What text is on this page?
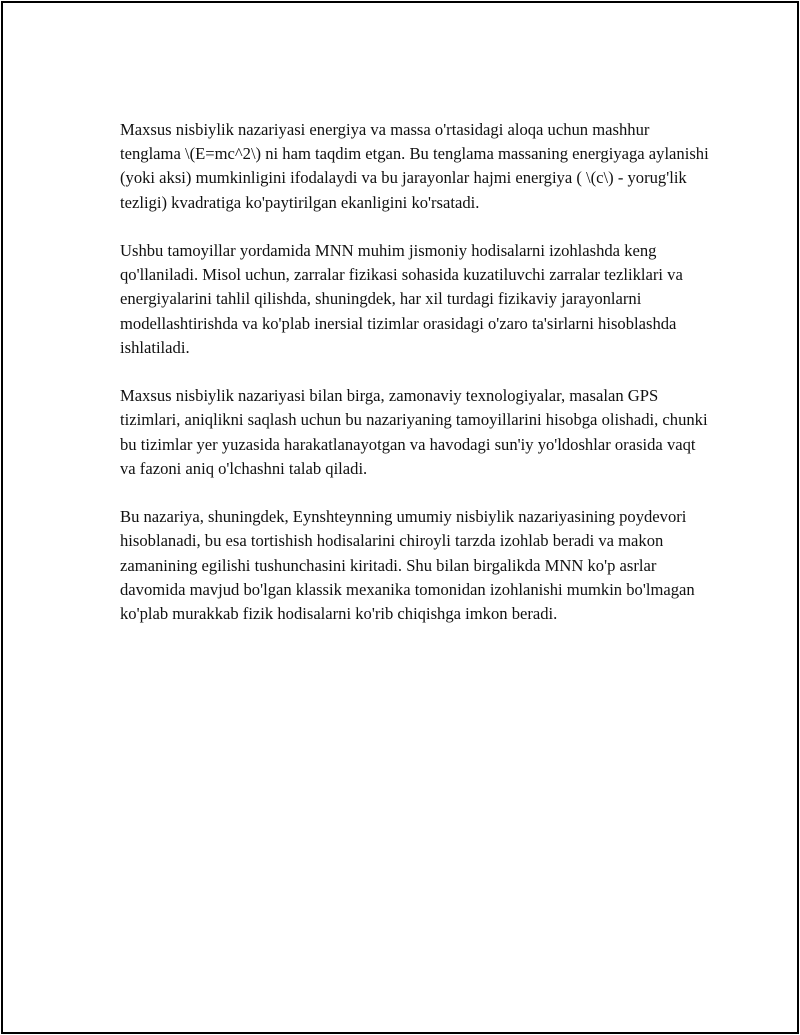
Maxsus nisbiylik nazariyasi energiya va massa o'rtasidagi aloqa uchun mashhur tenglama \(E=mc^2\) ni ham taqdim etgan. Bu tenglama massaning energiyaga aylanishi (yoki aksi) mumkinligini ifodalaydi va bu jarayonlar hajmi energiya ( \(c\) - yorug'lik tezligi) kvadratiga ko'paytirilgan ekanligini ko'rsatadi.

Ushbu tamoyillar yordamida MNN muhim jismoniy hodisalarni izohlashda keng qo'llaniladi. Misol uchun, zarralar fizikasi sohasida kuzatiluvchi zarralar tezliklari va energiyalarini tahlil qilishda, shuningdek, har xil turdagi fizikaviy jarayonlarni modellashtirishda va ko'plab inersial tizimlar orasidagi o'zaro ta'sirlarni hisoblashda ishlatiladi.

Maxsus nisbiylik nazariyasi bilan birga, zamonaviy texnologiyalar, masalan GPS tizimlari, aniqlikni saqlash uchun bu nazariyaning tamoyillarini hisobga olishadi, chunki bu tizimlar yer yuzasida harakatlanayotgan va havodagi sun'iy yo'ldoshlar orasida vaqt va fazoni aniq o'lchashni talab qiladi.

Bu nazariya, shuningdek, Eynshteynning umumiy nisbiylik nazariyasining poydevori hisoblanadi, bu esa tortishish hodisalarini chiroyli tarzda izohlab beradi va makon zamanining egilishi tushunchasini kiritadi. Shu bilan birgalikda MNN ko'p asrlar davomida mavjud bo'lgan klassik mexanika tomonidan izohlanishi mumkin bo'lmagan ko'plab murakkab fizik hodisalarni ko'rib chiqishga imkon beradi.
